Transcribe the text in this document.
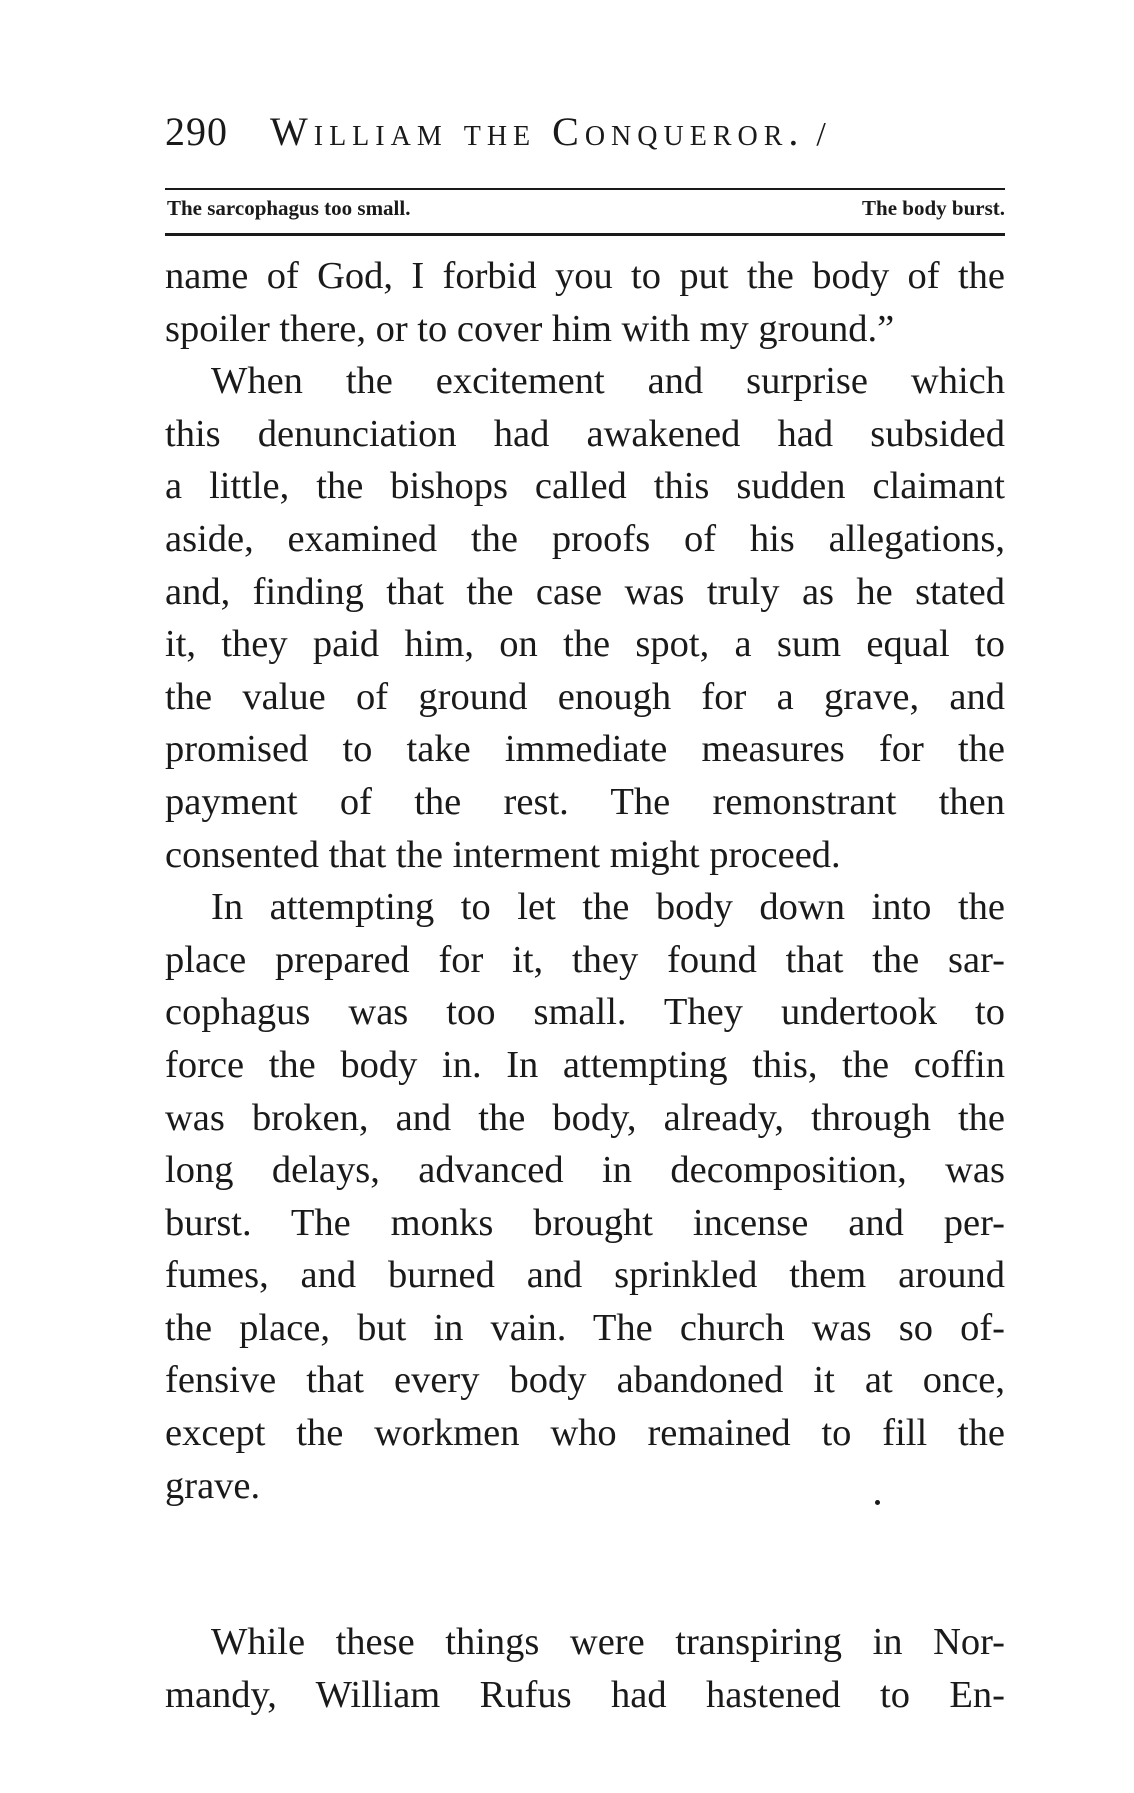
290 William the Conqueror. /
The sarcophagus too small.	The body burst.
name of God, I forbid you to put the body of the
spoiler there, or to cover him with my ground.”
When the excitement and surprise which
this denunciation had awakened had subsided
a little, the bishops called this sudden claimant
aside, examined the proofs of his allegations,
and, finding that the case was truly as he stated
it, they paid him, on the spot, a sum equal to
the value of ground enough for a grave, and
promised to take immediate measures for the
payment of the rest. The remonstrant then
consented that the interment might proceed.
In attempting to let the body down into the
place prepared for it, they found that the sar-
cophagus was too small. They undertook to
force the body in. In attempting this, the coffin
was broken, and the body, already, through the
long delays, advanced in decomposition, was
burst. The monks brought incense and per-
fumes, and burned and sprinkled them around
the place, but in vain. The church was so of-
fensive that every body abandoned it at once,
except the workmen who remained to fill the
grave.
While these things were transpiring in Nor-
mandy, William Rufus had hastened to En-
